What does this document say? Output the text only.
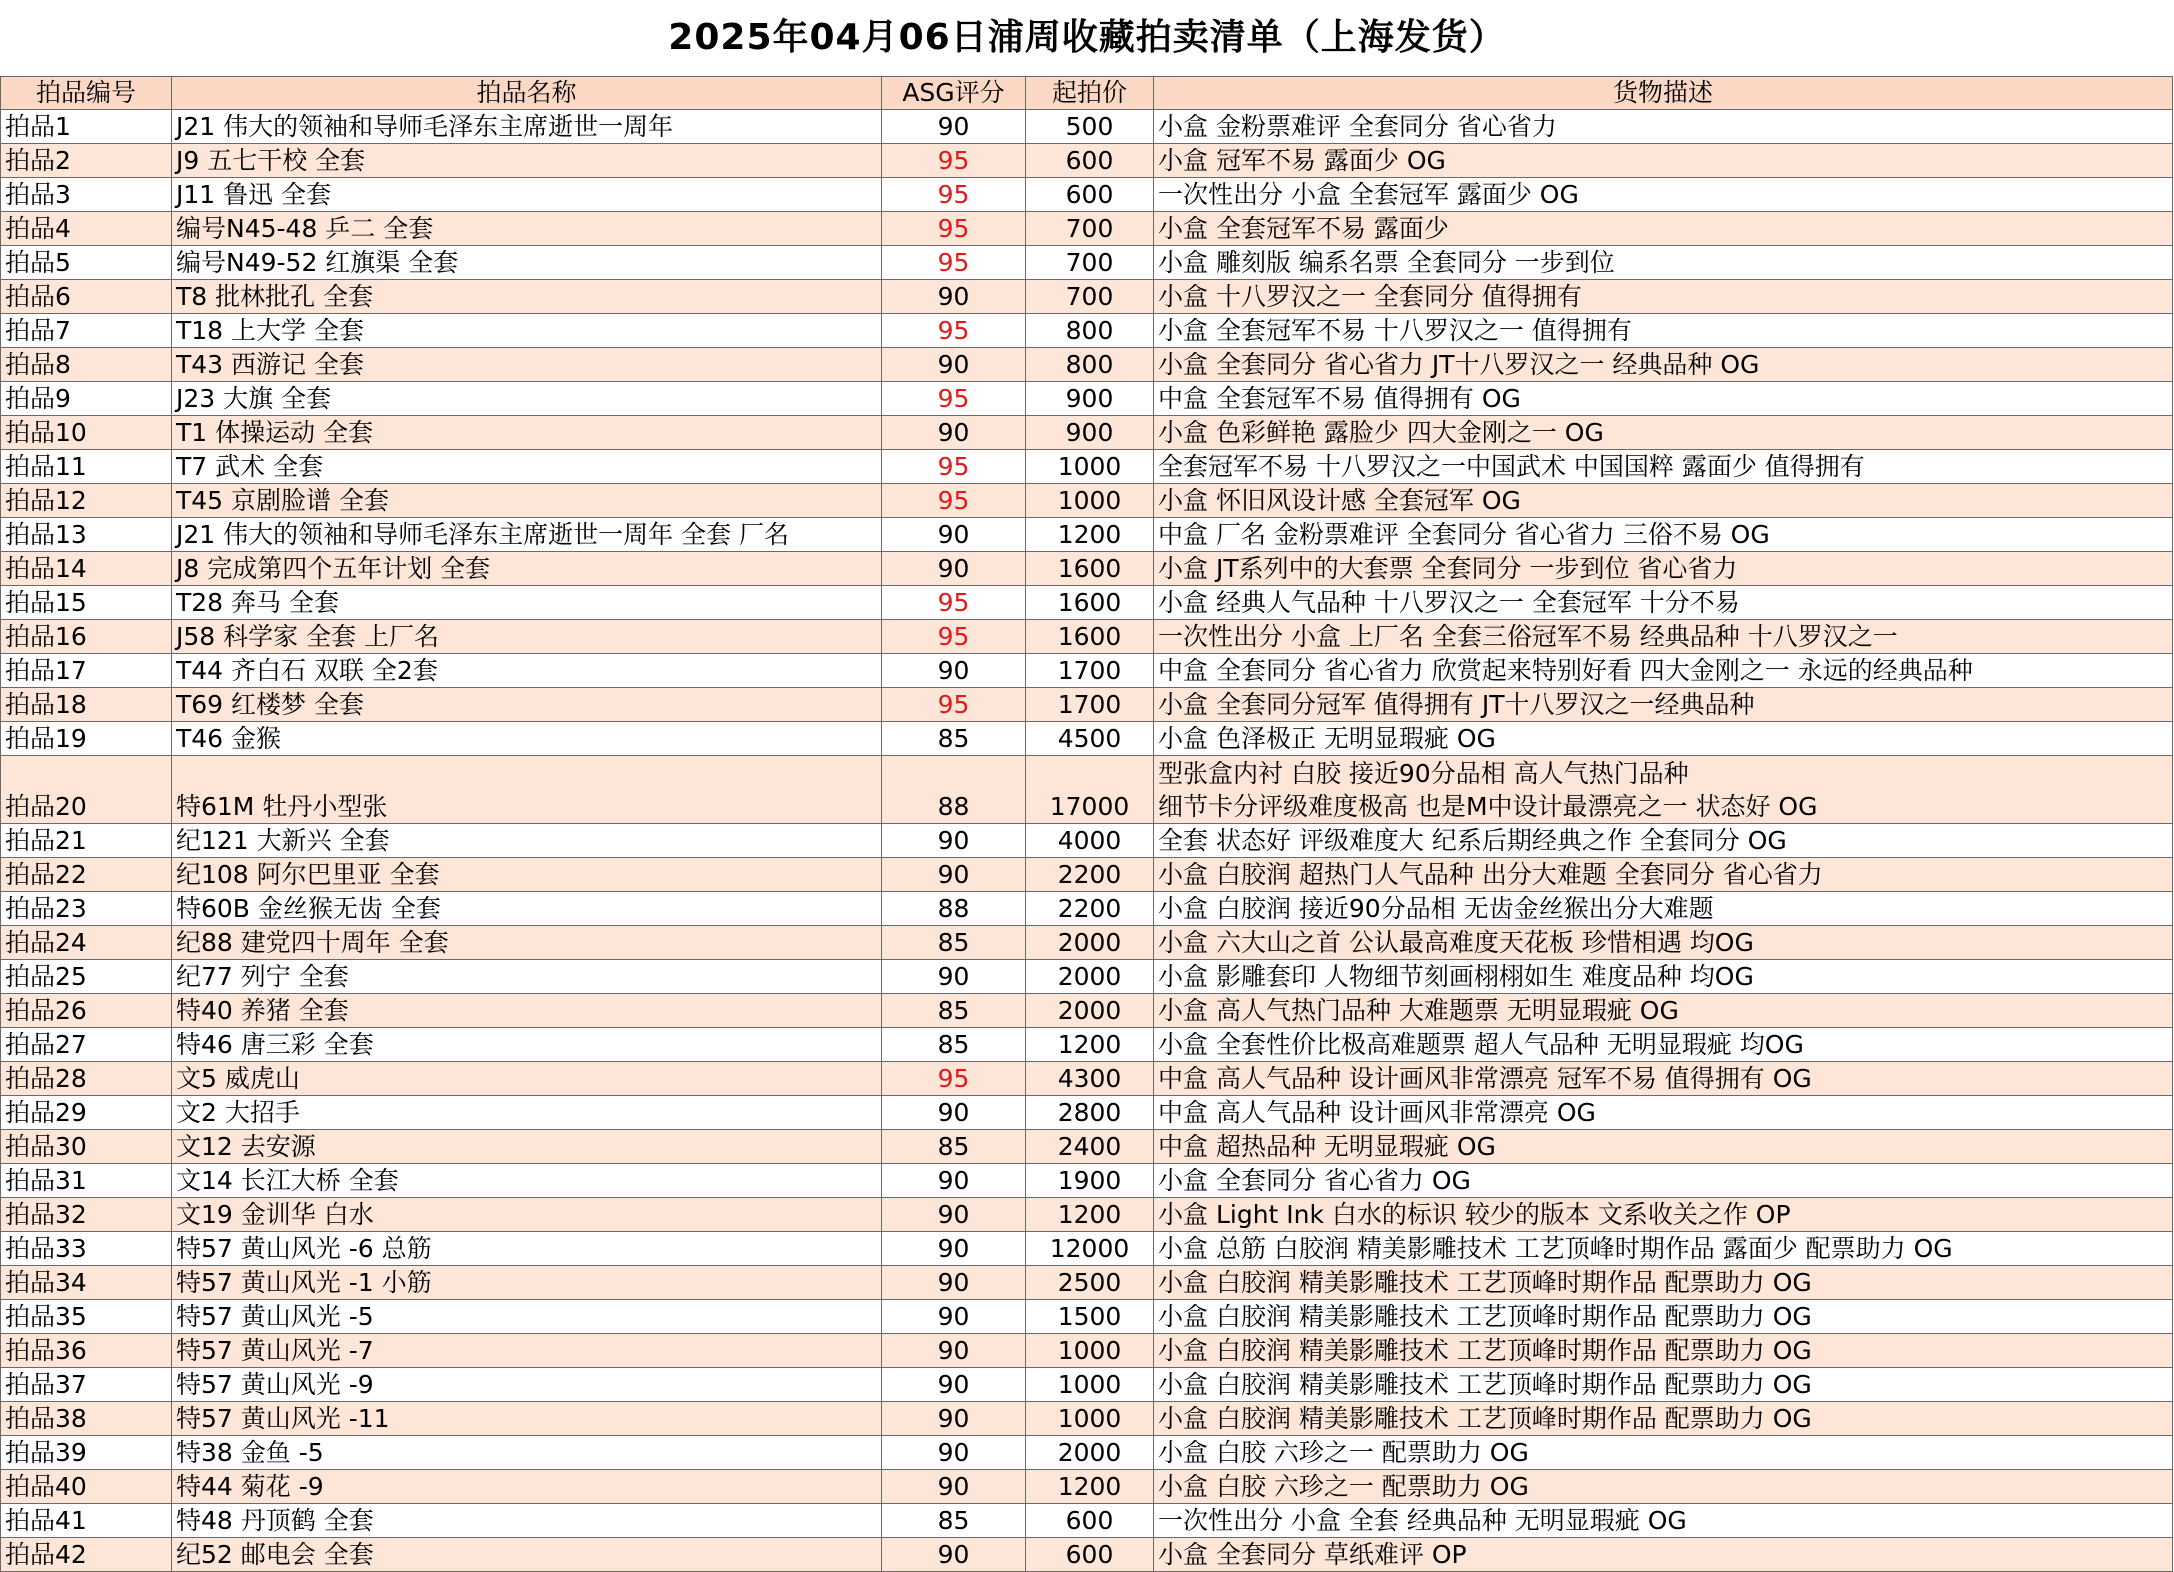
2025年04月06日浦周收藏拍卖清单（上海发货）
拍品编号	拍品名称	ASG评分	起拍价	货物描述
拍品1	J21 伟大的领袖和导师毛泽东主席逝世一周年	90	500	小盒 金粉票难评 全套同分 省心省力
拍品2	J9 五七干校 全套	95	600	小盒 冠军不易 露面少 OG
拍品3	J11 鲁迅 全套	95	600	一次性出分 小盒 全套冠军 露面少 OG
拍品4	编号N45-48 乒二 全套	95	700	小盒 全套冠军不易 露面少
拍品5	编号N49-52 红旗渠 全套	95	700	小盒 雕刻版 编系名票 全套同分 一步到位
拍品6	T8 批林批孔 全套	90	700	小盒 十八罗汉之一 全套同分 值得拥有
拍品7	T18 上大学 全套	95	800	小盒 全套冠军不易 十八罗汉之一 值得拥有
拍品8	T43 西游记 全套	90	800	小盒 全套同分 省心省力 JT十八罗汉之一 经典品种 OG
拍品9	J23 大旗 全套	95	900	中盒 全套冠军不易 值得拥有 OG
拍品10	T1 体操运动 全套	90	900	小盒 色彩鲜艳 露脸少 四大金刚之一 OG
拍品11	T7 武术 全套	95	1000	全套冠军不易 十八罗汉之一中国武术 中国国粹 露面少 值得拥有
拍品12	T45 京剧脸谱 全套	95	1000	小盒 怀旧风设计感 全套冠军 OG
拍品13	J21 伟大的领袖和导师毛泽东主席逝世一周年 全套 厂名	90	1200	中盒 厂名 金粉票难评 全套同分 省心省力 三俗不易 OG
拍品14	J8 完成第四个五年计划 全套	90	1600	小盒 JT系列中的大套票 全套同分 一步到位 省心省力
拍品15	T28 奔马 全套	95	1600	小盒 经典人气品种 十八罗汉之一 全套冠军 十分不易
拍品16	J58 科学家 全套 上厂名	95	1600	一次性出分 小盒 上厂名 全套三俗冠军不易 经典品种 十八罗汉之一
拍品17	T44 齐白石 双联 全2套	90	1700	中盒 全套同分 省心省力 欣赏起来特别好看 四大金刚之一 永远的经典品种
拍品18	T69 红楼梦 全套	95	1700	小盒 全套同分冠军 值得拥有 JT十八罗汉之一经典品种
拍品19	T46 金猴	85	4500	小盒 色泽极正 无明显瑕疵 OG
拍品20	特61M 牡丹小型张	88	17000	型张盒内衬 白胶 接近90分品相 高人气热门品种
细节卡分评级难度极高 也是M中设计最漂亮之一 状态好 OG

拍品21	纪121 大新兴 全套	90	4000	全套 状态好 评级难度大 纪系后期经典之作 全套同分 OG
拍品22	纪108 阿尔巴里亚 全套	90	2200	小盒 白胶润 超热门人气品种 出分大难题 全套同分 省心省力
拍品23	特60B 金丝猴无齿 全套	88	2200	小盒 白胶润 接近90分品相 无齿金丝猴出分大难题
拍品24	纪88 建党四十周年 全套	85	2000	小盒 六大山之首 公认最高难度天花板 珍惜相遇 均OG
拍品25	纪77 列宁 全套	90	2000	小盒 影雕套印 人物细节刻画栩栩如生 难度品种 均OG
拍品26	特40 养猪 全套	85	2000	小盒 高人气热门品种 大难题票 无明显瑕疵 OG
拍品27	特46 唐三彩 全套	85	1200	小盒 全套性价比极高难题票 超人气品种 无明显瑕疵 均OG
拍品28	文5 威虎山	95	4300	中盒 高人气品种 设计画风非常漂亮 冠军不易 值得拥有 OG
拍品29	文2 大招手	90	2800	中盒 高人气品种 设计画风非常漂亮 OG
拍品30	文12 去安源	85	2400	中盒 超热品种 无明显瑕疵 OG
拍品31	文14 长江大桥 全套	90	1900	小盒 全套同分 省心省力 OG
拍品32	文19 金训华 白水	90	1200	小盒 Light Ink 白水的标识 较少的版本 文系收关之作 OP
拍品33	特57 黄山风光 -6 总筋	90	12000	小盒 总筋 白胶润 精美影雕技术 工艺顶峰时期作品 露面少 配票助力 OG
拍品34	特57 黄山风光 -1 小筋	90	2500	小盒 白胶润 精美影雕技术 工艺顶峰时期作品 配票助力 OG
拍品35	特57 黄山风光 -5	90	1500	小盒 白胶润 精美影雕技术 工艺顶峰时期作品 配票助力 OG
拍品36	特57 黄山风光 -7	90	1000	小盒 白胶润 精美影雕技术 工艺顶峰时期作品 配票助力 OG
拍品37	特57 黄山风光 -9	90	1000	小盒 白胶润 精美影雕技术 工艺顶峰时期作品 配票助力 OG
拍品38	特57 黄山风光 -11	90	1000	小盒 白胶润 精美影雕技术 工艺顶峰时期作品 配票助力 OG
拍品39	特38 金鱼 -5	90	2000	小盒 白胶 六珍之一 配票助力 OG
拍品40	特44 菊花 -9	90	1200	小盒 白胶 六珍之一 配票助力 OG
拍品41	特48 丹顶鹤 全套	85	600	一次性出分 小盒 全套 经典品种 无明显瑕疵 OG
拍品42	纪52 邮电会 全套	90	600	小盒 全套同分 草纸难评 OP
